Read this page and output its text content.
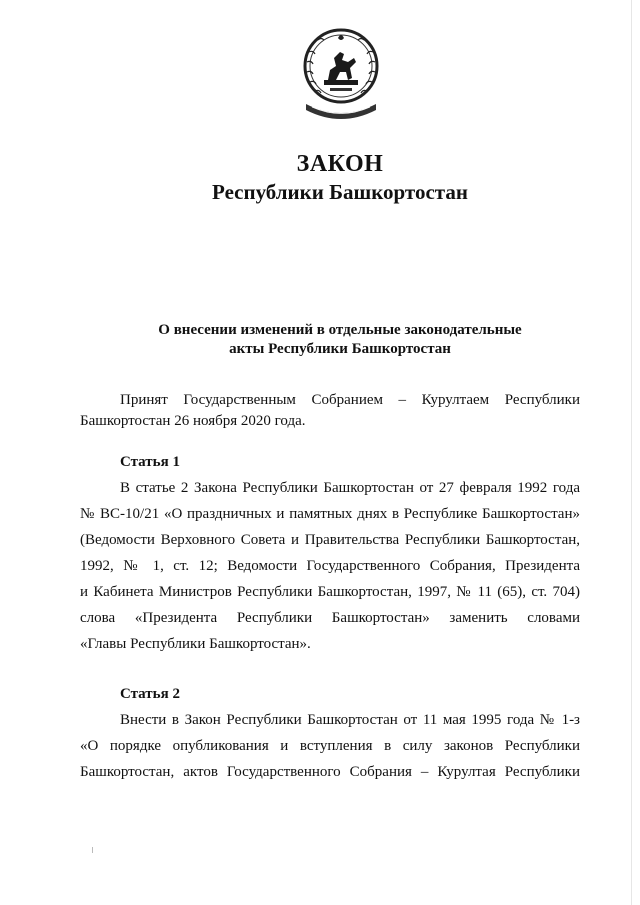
ЗАКОН
Республики Башкортостан
О внесении изменений в отдельные законодательные
акты Республики Башкортостан
Принят Государственным Собранием – Курултаем Республики
Башкортостан 26 ноября 2020 года.
Статья 1
В статье 2 Закона Республики Башкортостан от 27 февраля 1992 года
№ ВС-10/21 «О праздничных и памятных днях в Республике Башкортостан»
(Ведомости Верховного Совета и Правительства Республики Башкортостан,
1992, № 1, ст. 12; Ведомости Государственного Собрания, Президента
и Кабинета Министров Республики Башкортостан, 1997, № 11 (65), ст. 704)
слова «Президента Республики Башкортостан» заменить словами
«Главы Республики Башкортостан».
Статья 2
Внести в Закон Республики Башкортостан от 11 мая 1995 года № 1-з
«О порядке опубликования и вступления в силу законов Республики
Башкортостан, актов Государственного Собрания – Курултая Республики
